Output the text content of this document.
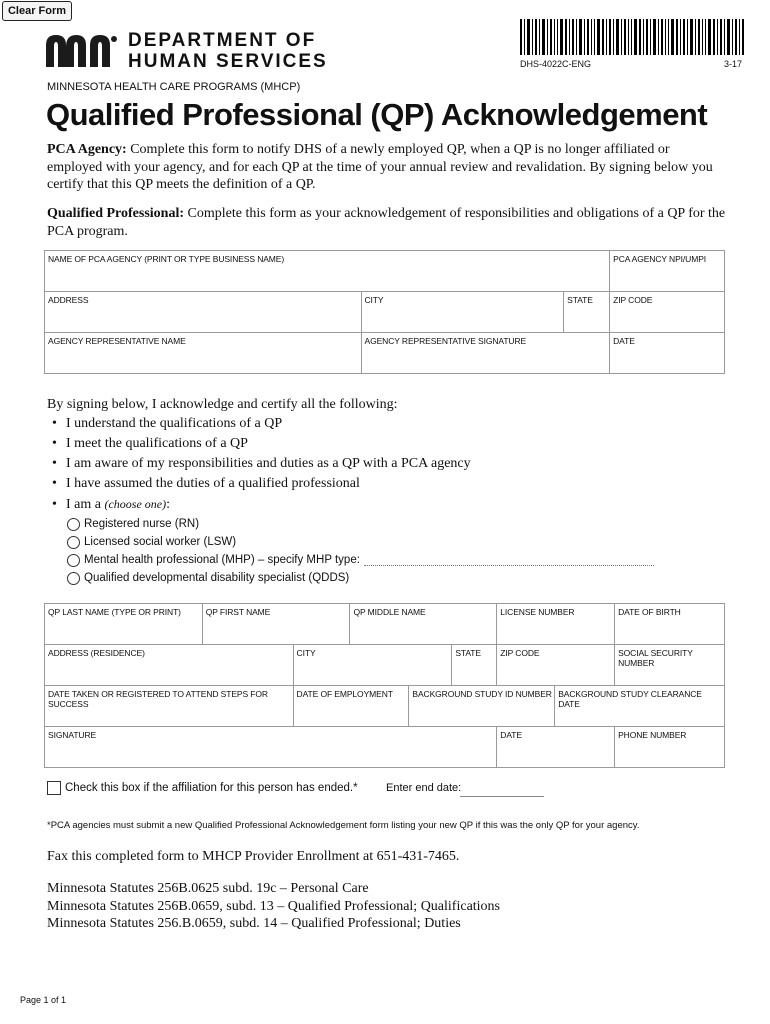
Clear Form
DEPARTMENT OF
HUMAN SERVICES	DHS-4022C-ENG	3-17
MINNESOTA HEALTH CARE PROGRAMS (MHCP)
Qualified Professional (QP) Acknowledgement
PCA Agency: Complete this form to notify DHS of a newly employed QP, when a QP is no longer affiliated or employed with your agency, and for each QP at the time of your annual review and revalidation. By signing below you certify that this QP meets the definition of a QP.
Qualified Professional: Complete this form as your acknowledgement of responsibilities and obligations of a QP for the PCA program.
NAME OF PCA AGENCY (PRINT OR TYPE BUSINESS NAME)			PCA AGENCY NPI/UMPI
ADDRESS	CITY	STATE	ZIP CODE
AGENCY REPRESENTATIVE NAME	AGENCY REPRESENTATIVE SIGNATURE		DATE
By signing below, I acknowledge and certify all the following:
• I understand the qualifications of a QP
• I meet the qualifications of a QP
• I am aware of my responsibilities and duties as a QP with a PCA agency
• I have assumed the duties of a qualified professional
• I am a (choose one):
Registered nurse (RN)
Licensed social worker (LSW)
Mental health professional (MHP) – specify MHP type:
Qualified developmental disability specialist (QDDS)
QP LAST NAME (TYPE OR PRINT)	QP FIRST NAME		QP MIDDLE NAME			LICENSE NUMBER		DATE OF BIRTH
ADDRESS (RESIDENCE)		CITY			STATE	ZIP CODE		SOCIAL SECURITY NUMBER
DATE TAKEN OR REGISTERED TO ATTEND STEPS FOR SUCCESS		DATE OF EMPLOYMENT		BACKGROUND STUDY ID NUMBER			BACKGROUND STUDY CLEARANCE DATE	
SIGNATURE						DATE		PHONE NUMBER
Check this box if the affiliation for this person has ended.*	Enter end date:
*PCA agencies must submit a new Qualified Professional Acknowledgement form listing your new QP if this was the only QP for your agency.
Fax this completed form to MHCP Provider Enrollment at 651-431-7465.
Minnesota Statutes 256B.0625 subd. 19c – Personal Care
Minnesota Statutes 256B.0659, subd. 13 – Qualified Professional; Qualifications
Minnesota Statutes 256.B.0659, subd. 14 – Qualified Professional; Duties
Page 1 of 1
